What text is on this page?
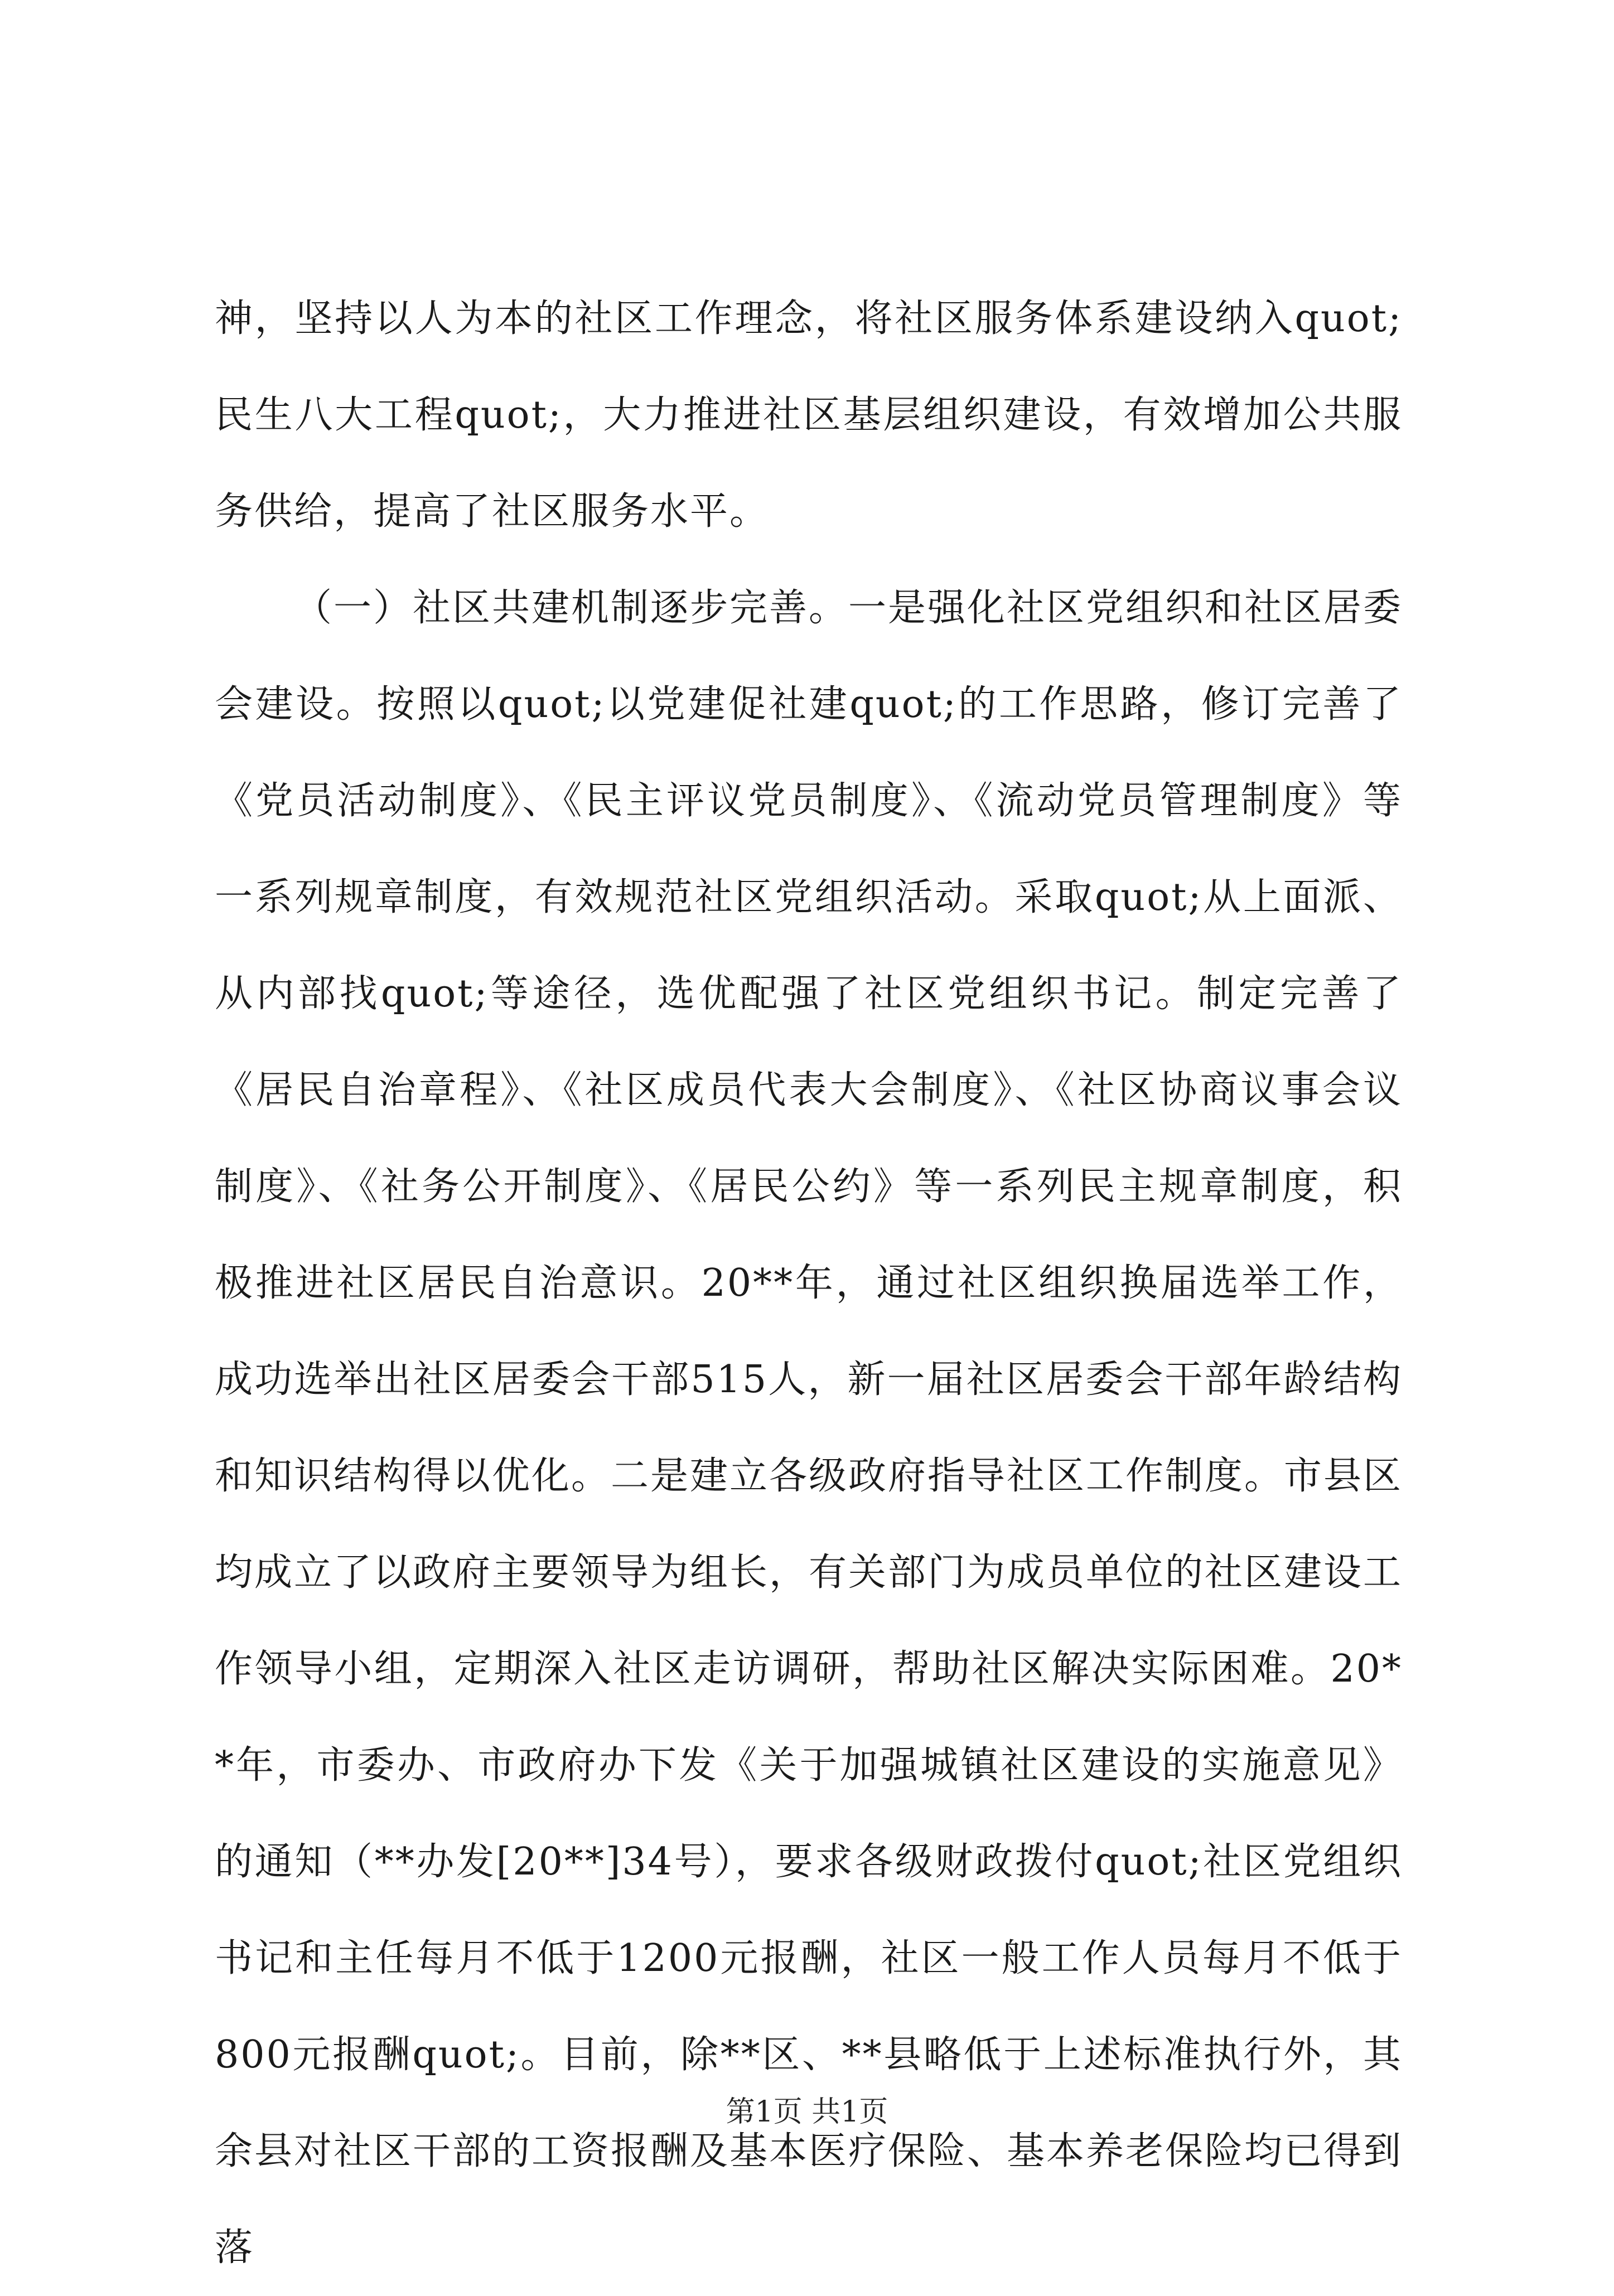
神，坚持以人为本的社区工作理念，将社区服务体系建设纳入quot;民生八大工程quot;，大力推进社区基层组织建设，有效增加公共服务供给，提高了社区服务水平。

（一）社区共建机制逐步完善。一是强化社区党组织和社区居委会建设。按照以quot;以党建促社建quot;的工作思路，修订完善了《党员活动制度》、《民主评议党员制度》、《流动党员管理制度》等一系列规章制度，有效规范社区党组织活动。采取quot;从上面派、从内部找quot;等途径，选优配强了社区党组织书记。制定完善了《居民自治章程》、《社区成员代表大会制度》、《社区协商议事会议制度》、《社务公开制度》、《居民公约》等一系列民主规章制度，积极推进社区居民自治意识。20**年，通过社区组织换届选举工作，成功选举出社区居委会干部515人，新一届社区居委会干部年龄结构和知识结构得以优化。二是建立各级政府指导社区工作制度。市县区均成立了以政府主要领导为组长，有关部门为成员单位的社区建设工作领导小组，定期深入社区走访调研，帮助社区解决实际困难。20**年，市委办、市政府办下发《关于加强城镇社区建设的实施意见》的通知（**办发[20**]34号），要求各级财政拨付quot;社区党组织书记和主任每月不低于1200元报酬，社区一般工作人员每月不低于800元报酬quot;。目前，除**区、**县略低于上述标准执行外，其余县对社区干部的工资报酬及基本医疗保险、基本养老保险均已得到落

第1页 共1页
